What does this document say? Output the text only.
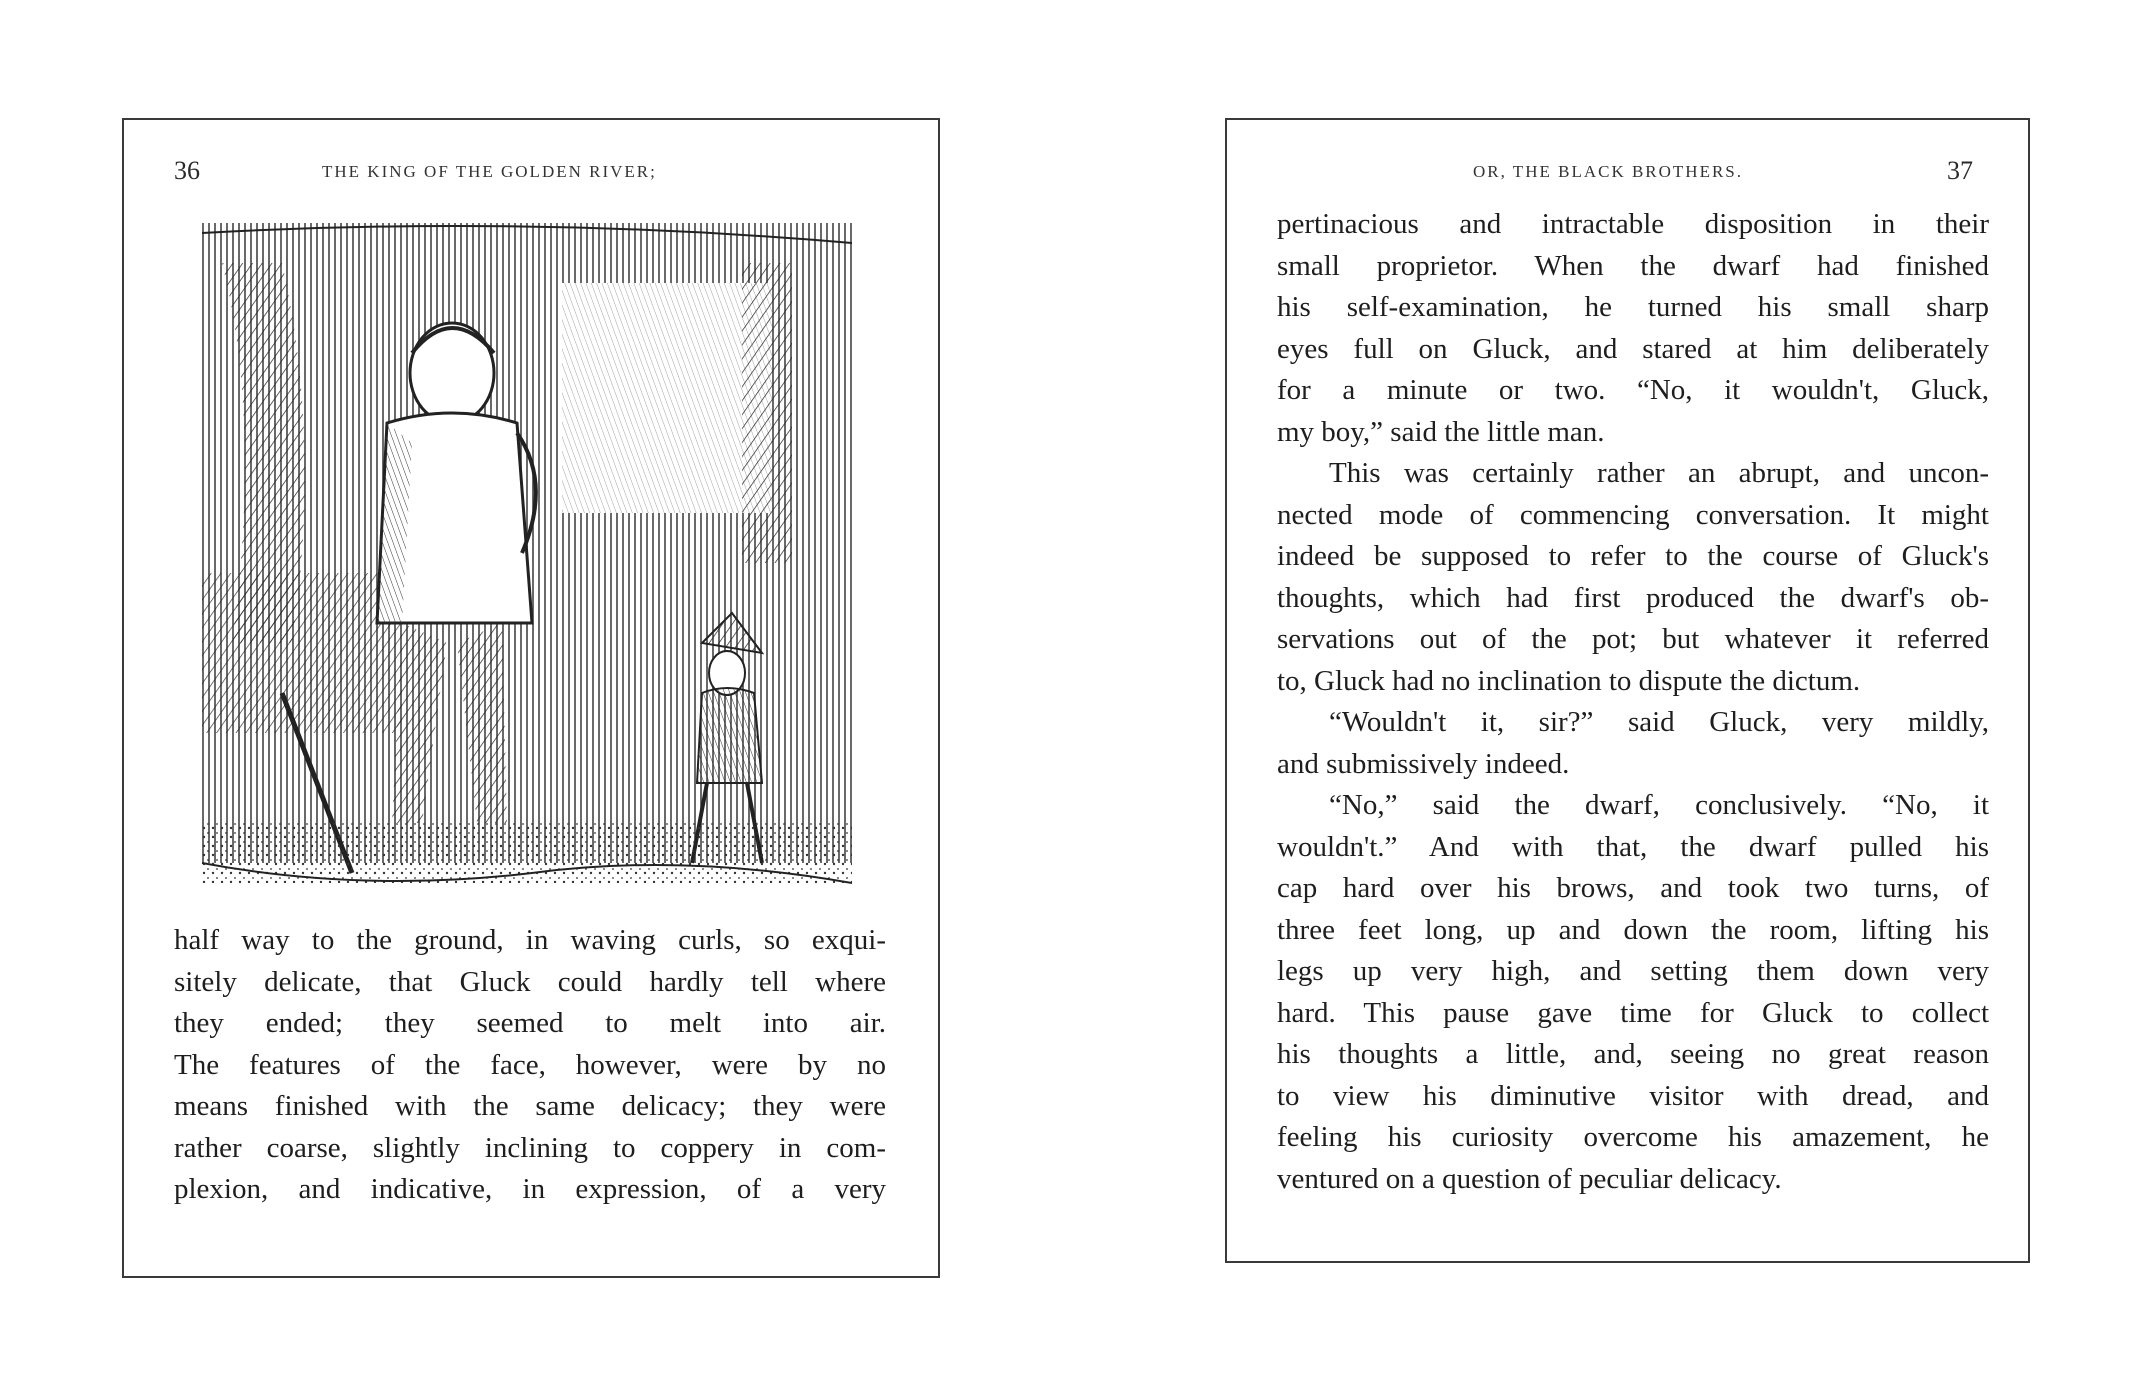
36	THE KING OF THE GOLDEN RIVER;
half way to the ground, in waving curls, so exqui-
sitely delicate, that Gluck could hardly tell where
they ended; they seemed to melt into air.
The features of the face, however, were by no
means finished with the same delicacy; they were
rather coarse, slightly inclining to coppery in com-
plexion, and indicative, in expression, of a very
OR, THE BLACK BROTHERS.	37
pertinacious and intractable disposition in their
small proprietor. When the dwarf had finished
his self-examination, he turned his small sharp
eyes full on Gluck, and stared at him deliberately
for a minute or two. “No, it wouldn't, Gluck,
my boy,” said the little man.
This was certainly rather an abrupt, and uncon-
nected mode of commencing conversation. It might
indeed be supposed to refer to the course of Gluck's
thoughts, which had first produced the dwarf's ob-
servations out of the pot; but whatever it referred
to, Gluck had no inclination to dispute the dictum.
“Wouldn't it, sir?” said Gluck, very mildly,
and submissively indeed.
“No,” said the dwarf, conclusively. “No, it
wouldn't.” And with that, the dwarf pulled his
cap hard over his brows, and took two turns, of
three feet long, up and down the room, lifting his
legs up very high, and setting them down very
hard. This pause gave time for Gluck to collect
his thoughts a little, and, seeing no great reason
to view his diminutive visitor with dread, and
feeling his curiosity overcome his amazement, he
ventured on a question of peculiar delicacy.
